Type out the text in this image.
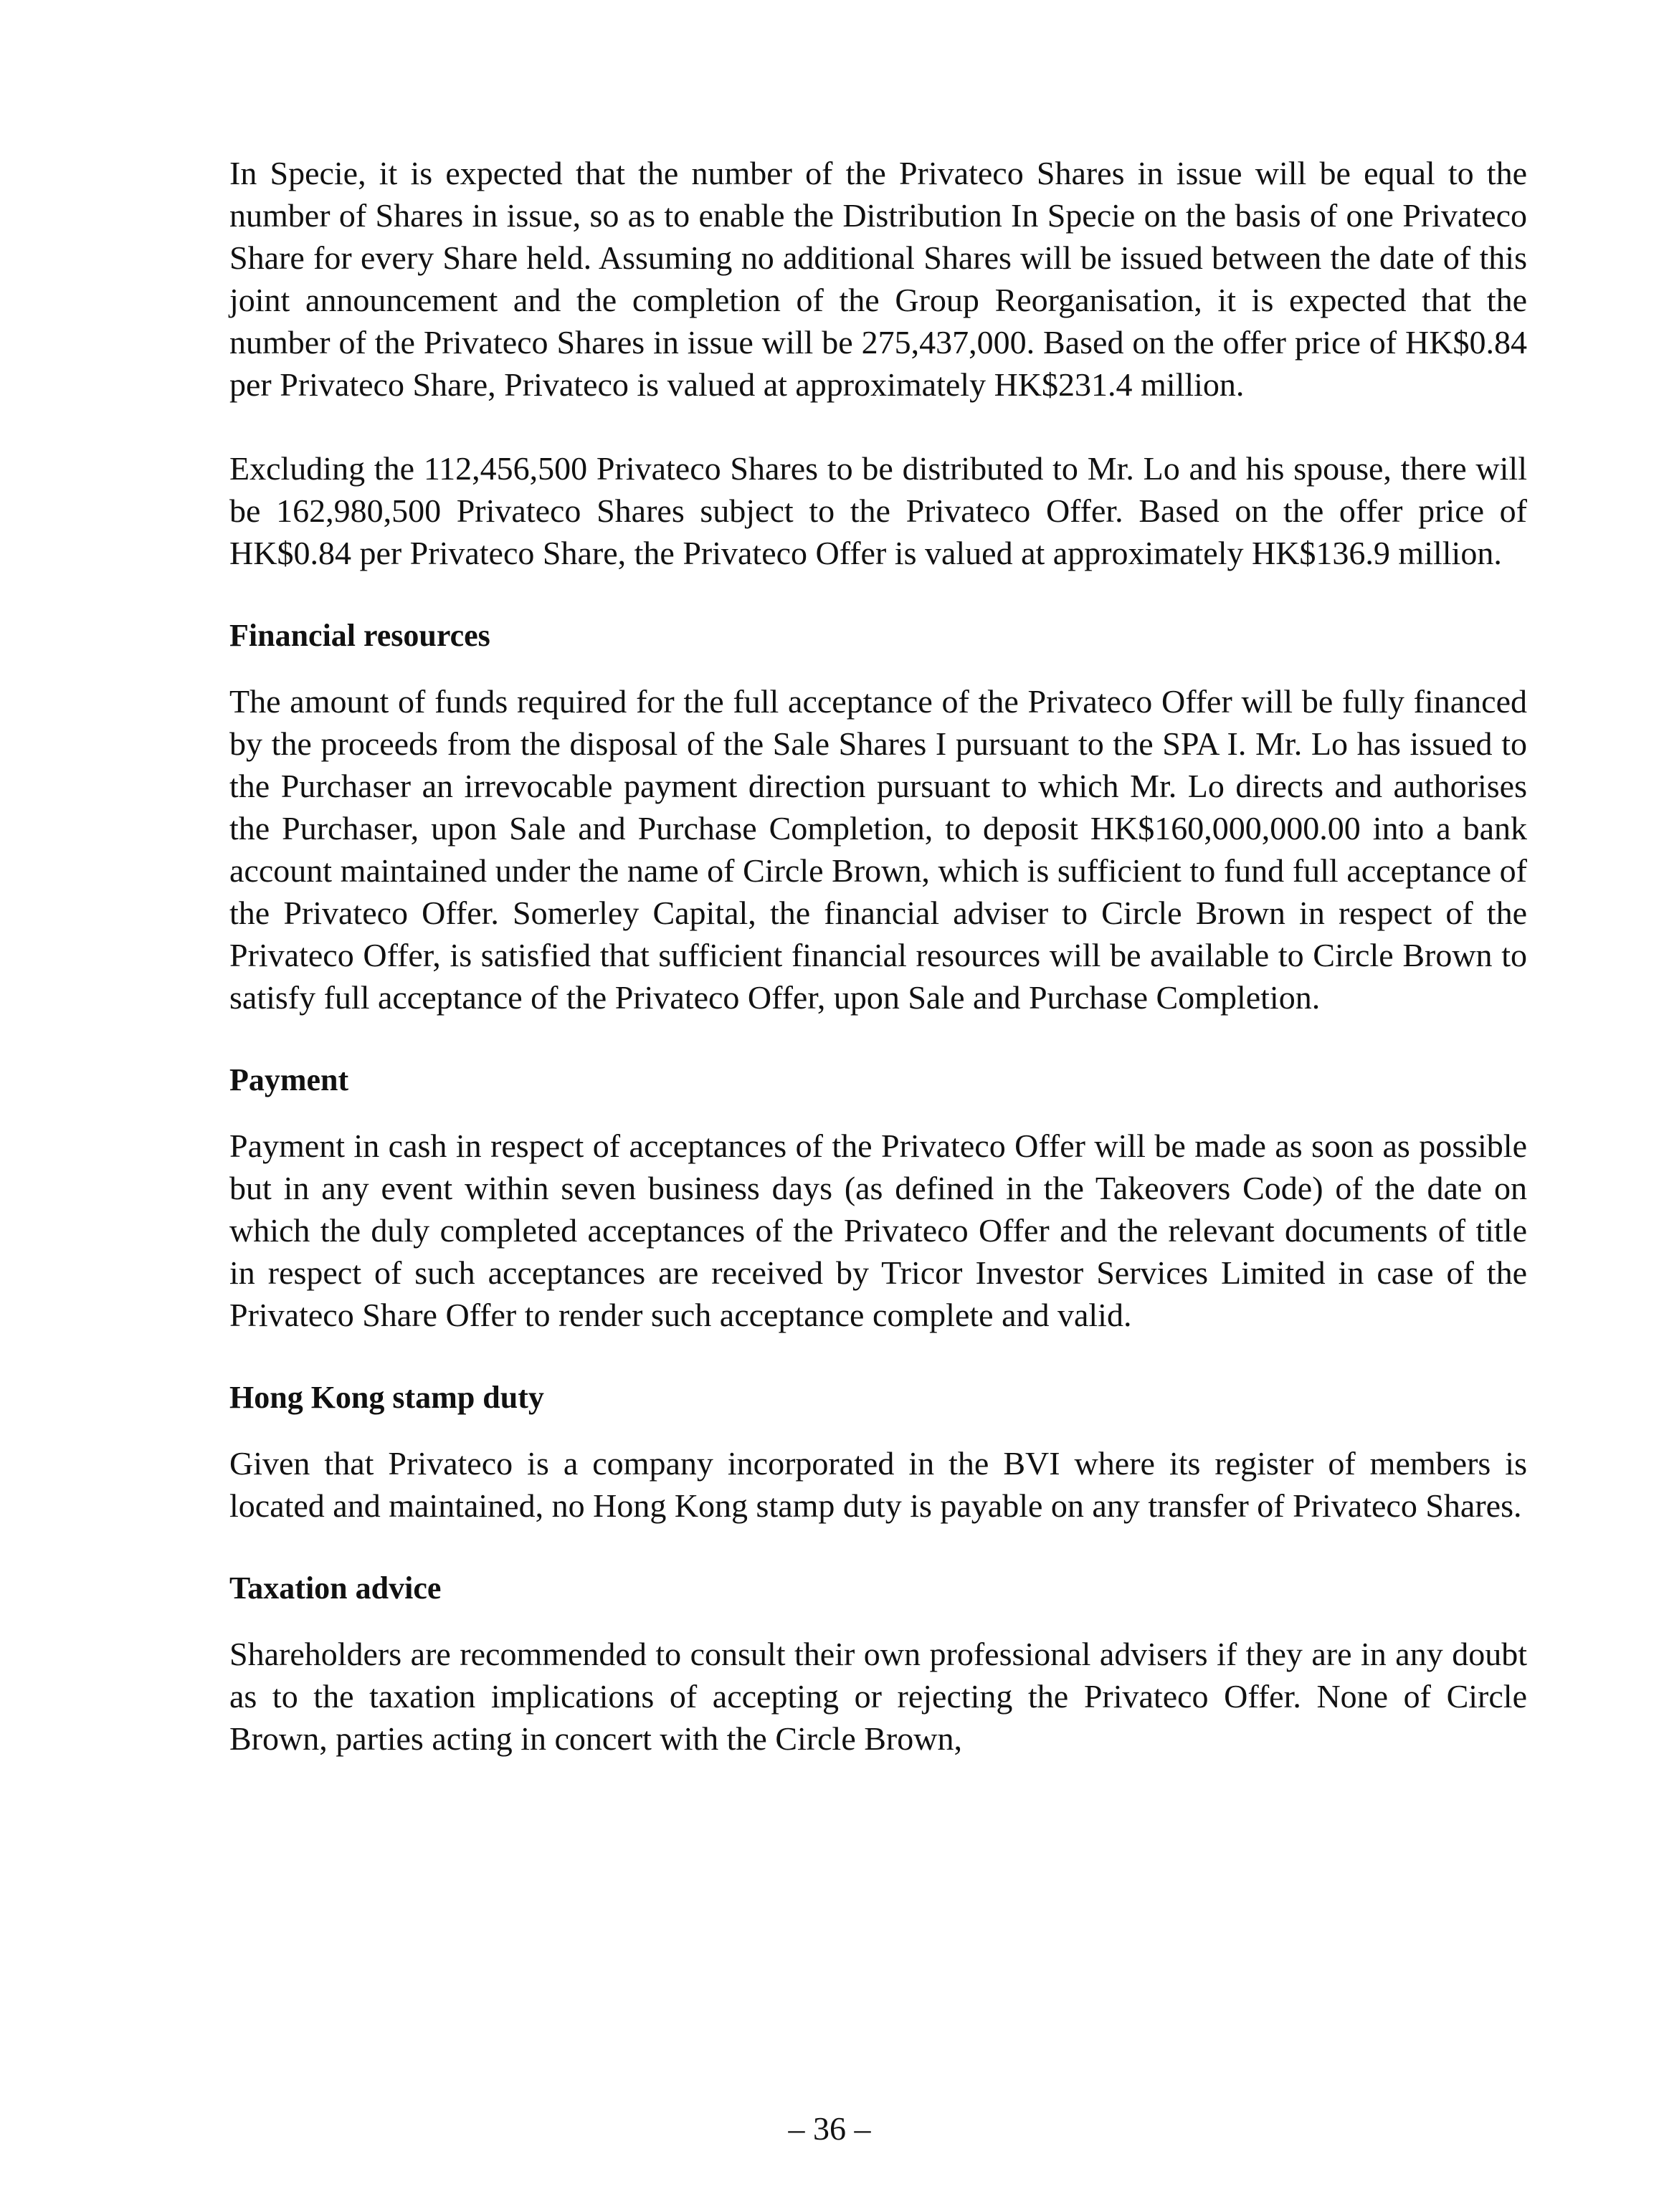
In Specie, it is expected that the number of the Privateco Shares in issue will be equal to the number of Shares in issue, so as to enable the Distribution In Specie on the basis of one Privateco Share for every Share held. Assuming no additional Shares will be issued between the date of this joint announcement and the completion of the Group Reorganisation, it is expected that the number of the Privateco Shares in issue will be 275,437,000. Based on the offer price of HK$0.84 per Privateco Share, Privateco is valued at approximately HK$231.4 million.

Excluding the 112,456,500 Privateco Shares to be distributed to Mr. Lo and his spouse, there will be 162,980,500 Privateco Shares subject to the Privateco Offer. Based on the offer price of HK$0.84 per Privateco Share, the Privateco Offer is valued at approximately HK$136.9 million.

Financial resources

The amount of funds required for the full acceptance of the Privateco Offer will be fully financed by the proceeds from the disposal of the Sale Shares I pursuant to the SPA I. Mr. Lo has issued to the Purchaser an irrevocable payment direction pursuant to which Mr. Lo directs and authorises the Purchaser, upon Sale and Purchase Completion, to deposit HK$160,000,000.00 into a bank account maintained under the name of Circle Brown, which is sufficient to fund full acceptance of the Privateco Offer. Somerley Capital, the financial adviser to Circle Brown in respect of the Privateco Offer, is satisfied that sufficient financial resources will be available to Circle Brown to satisfy full acceptance of the Privateco Offer, upon Sale and Purchase Completion.

Payment

Payment in cash in respect of acceptances of the Privateco Offer will be made as soon as possible but in any event within seven business days (as defined in the Takeovers Code) of the date on which the duly completed acceptances of the Privateco Offer and the relevant documents of title in respect of such acceptances are received by Tricor Investor Services Limited in case of the Privateco Share Offer to render such acceptance complete and valid.

Hong Kong stamp duty

Given that Privateco is a company incorporated in the BVI where its register of members is located and maintained, no Hong Kong stamp duty is payable on any transfer of Privateco Shares.

Taxation advice

Shareholders are recommended to consult their own professional advisers if they are in any doubt as to the taxation implications of accepting or rejecting the Privateco Offer. None of Circle Brown, parties acting in concert with the Circle Brown,

– 36 –
